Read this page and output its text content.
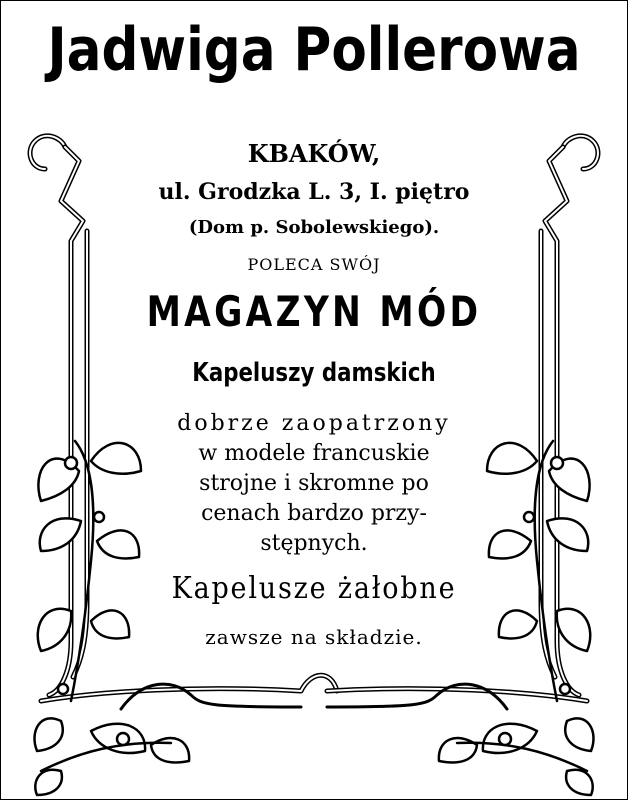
Jadwiga Pollerowa
KBAKÓW,
ul. Grodzka L. 3, I. piętro
(Dom p. Sobolewskiego).
POLECA SWÓJ
MAGAZYN MÓD
Kapeluszy damskich
dobrze zaopatrzony
w modele francuskie
strojne i skromne po
cenach bardzo przy-
stępnych.
Kapelusze żałobne
zawsze na składzie.
